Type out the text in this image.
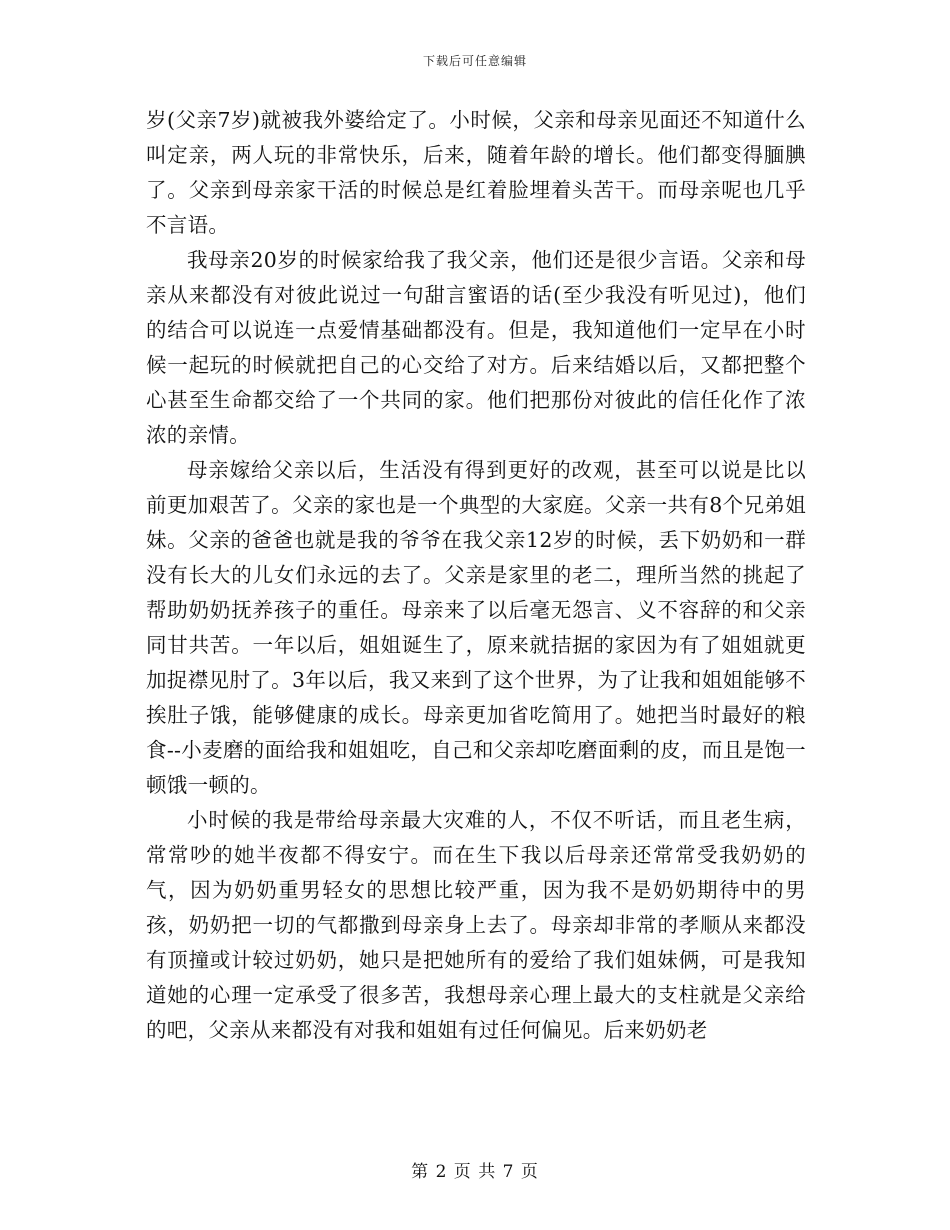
下载后可任意编辑

岁(父亲7岁)就被我外婆给定了。小时候，父亲和母亲见面还不知道什么叫定亲，两人玩的非常快乐，后来，随着年龄的增长。他们都变得腼腆了。父亲到母亲家干活的时候总是红着脸埋着头苦干。而母亲呢也几乎不言语。

我母亲20岁的时候家给我了我父亲，他们还是很少言语。父亲和母亲从来都没有对彼此说过一句甜言蜜语的话(至少我没有听见过)，他们的结合可以说连一点爱情基础都没有。但是，我知道他们一定早在小时候一起玩的时候就把自己的心交给了对方。后来结婚以后，又都把整个心甚至生命都交给了一个共同的家。他们把那份对彼此的信任化作了浓浓的亲情。

母亲嫁给父亲以后，生活没有得到更好的改观，甚至可以说是比以前更加艰苦了。父亲的家也是一个典型的大家庭。父亲一共有8个兄弟姐妹。父亲的爸爸也就是我的爷爷在我父亲12岁的时候，丢下奶奶和一群没有长大的儿女们永远的去了。父亲是家里的老二，理所当然的挑起了帮助奶奶抚养孩子的重任。母亲来了以后毫无怨言、义不容辞的和父亲同甘共苦。一年以后，姐姐诞生了，原来就拮据的家因为有了姐姐就更加捉襟见肘了。3年以后，我又来到了这个世界，为了让我和姐姐能够不挨肚子饿，能够健康的成长。母亲更加省吃简用了。她把当时最好的粮食--小麦磨的面给我和姐姐吃，自己和父亲却吃磨面剩的皮，而且是饱一顿饿一顿的。

小时候的我是带给母亲最大灾难的人，不仅不听话，而且老生病，常常吵的她半夜都不得安宁。而在生下我以后母亲还常常受我奶奶的气，因为奶奶重男轻女的思想比较严重，因为我不是奶奶期待中的男孩，奶奶把一切的气都撒到母亲身上去了。母亲却非常的孝顺从来都没有顶撞或计较过奶奶，她只是把她所有的爱给了我们姐妹俩，可是我知道她的心理一定承受了很多苦，我想母亲心理上最大的支柱就是父亲给的吧，父亲从来都没有对我和姐姐有过任何偏见。后来奶奶老

第 2 页 共 7 页
